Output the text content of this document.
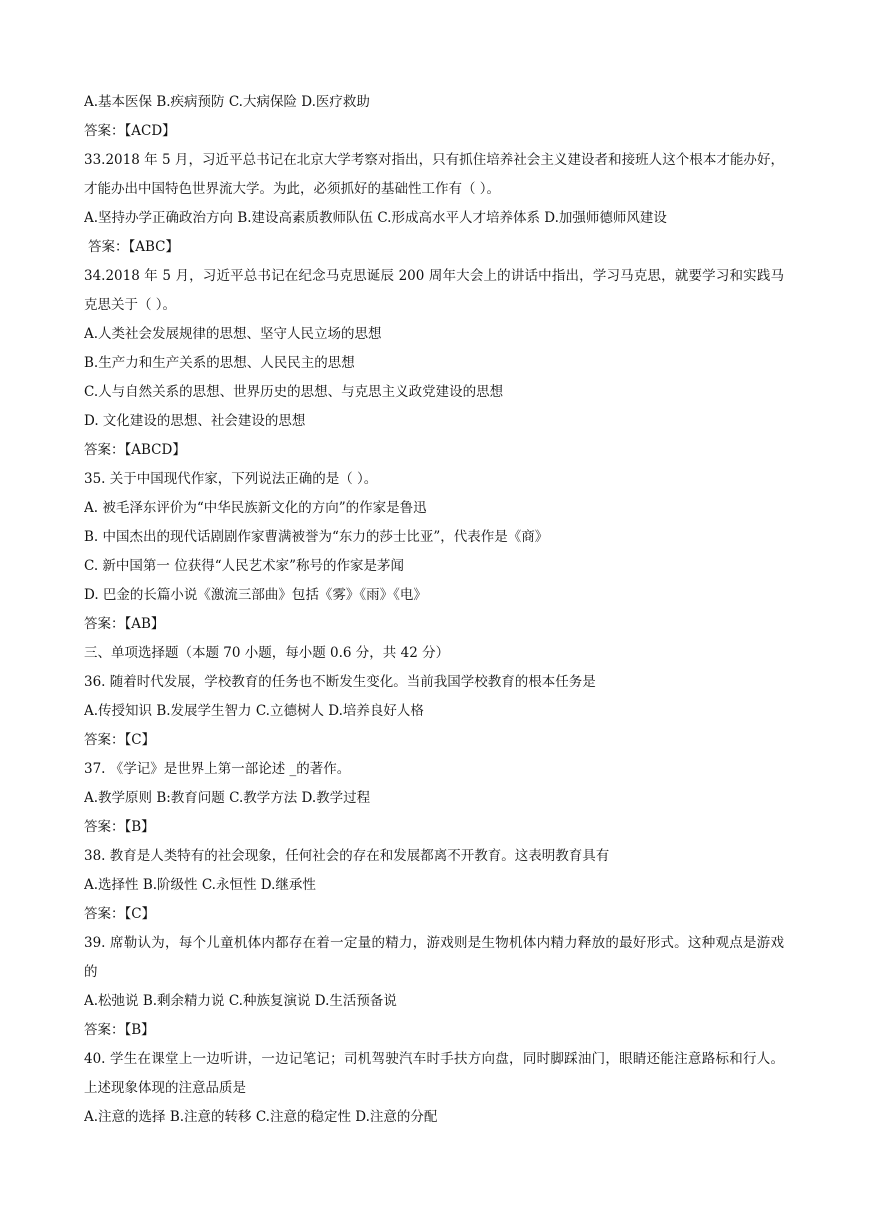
A.基本医保 B.疾病预防 C.大病保险 D.医疗救助
答案：【ACD】
33.2018 年 5 月，习近平总书记在北京大学考察对指出，只有抓住培养社会主义建设者和接班人这个根本才能办好，才能办出中国特色世界流大学。为此，必须抓好的基础性工作有（ ）。
A.坚持办学正确政治方向 B.建设高素质教师队伍 C.形成高水平人才培养体系 D.加强师德师风建设
答案：【ABC】
34.2018 年 5 月，习近平总书记在纪念马克思诞辰 200 周年大会上的讲话中指出，学习马克思，就要学习和实践马克思关于（ ）。
A.人类社会发展规律的思想、坚守人民立场的思想
B.生产力和生产关系的思想、人民民主的思想
C.人与自然关系的思想、世界历史的思想、与克思主义政党建设的思想
D. 文化建设的思想、社会建设的思想
答案：【ABCD】
35. 关于中国现代作家，下列说法正确的是（ ）。
A. 被毛泽东评价为“中华民族新文化的方向”的作家是鲁迅
B. 中国杰出的现代话剧剧作家曹满被誉为“东力的莎士比亚”，代表作是《商》
C. 新中国第一 位获得“人民艺术家”称号的作家是茅闻
D. 巴金的长篇小说《激流三部曲》包括《雾》《雨》《电》
答案：【AB】
三、单项选择题（本题 70 小题，每小题 0.6 分，共 42 分）
36. 随着时代发展，学校教育的任务也不断发生变化。当前我国学校教育的根本任务是
A.传授知识 B.发展学生智力 C.立德树人 D.培养良好人格
答案：【C】
37. 《学记》是世界上第一部论述 _的著作。
A.教学原则 B:教育问题 C.教学方法 D.教学过程
答案：【B】
38. 教育是人类特有的社会现象，任何社会的存在和发展都离不开教育。这表明教育具有
A.选择性 B.阶级性 C.永恒性 D.继承性
答案：【C】
39. 席勒认为，每个儿童机体内都存在着一定量的精力，游戏则是生物机体内精力释放的最好形式。这种观点是游戏的
A.松弛说 B.剩余精力说 C.种族复演说 D.生活预备说
答案：【B】
40. 学生在课堂上一边听讲，一边记笔记；司机驾驶汽车时手扶方向盘，同时脚踩油门，眼睛还能注意路标和行人。上述现象体现的注意品质是
A.注意的选择 B.注意的转移 C.注意的稳定性 D.注意的分配
